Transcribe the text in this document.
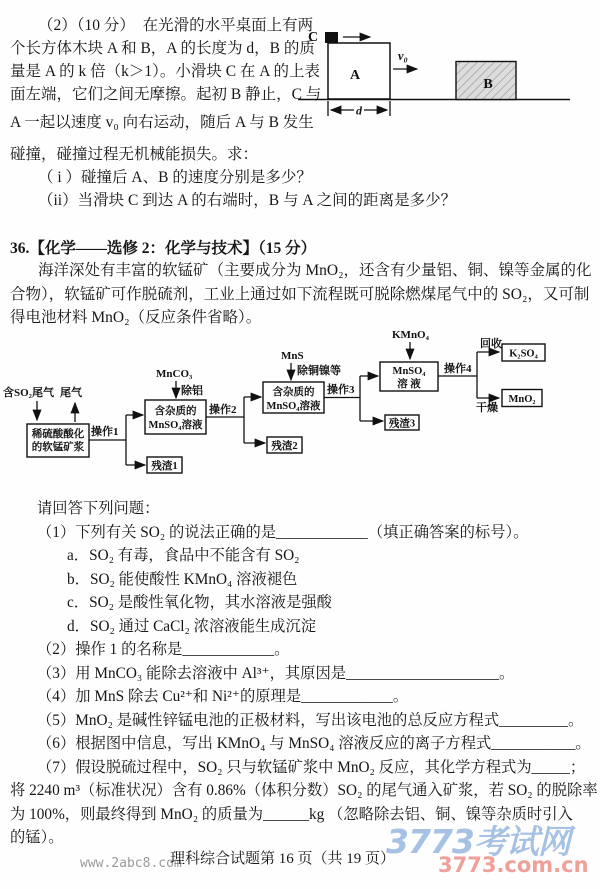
（2）（10 分）　在光滑的水平桌面上有两
个长方体木块 A 和 B，A 的长度为 d，B 的质
量是 A 的 k 倍（k＞1）。小滑块 C 在 A 的上表
面左端，它们之间无摩擦。起初 B 静止，C 与
A 一起以速度 v₀ 向右运动，随后 A 与 B 发生
碰撞，碰撞过程无机械能损失。求：
（ i ）碰撞后 A、B 的速度分别是多少？
（ii）当滑块 C 到达 A 的右端时，B 与 A 之间的距离是多少？
C
A
v₀
B
d
36.【化学——选修 2：化学与技术】（15 分）
海洋深处有丰富的软锰矿（主要成分为 MnO₂，还含有少量铝、铜、镍等金属的化
合物），软锰矿可作脱硫剂，工业上通过如下流程既可脱除燃煤尾气中的 SO₂，又可制
得电池材料 MnO₂（反应条件省略）。
含SO₂尾气 尾气
稀硫酸酸化
的软锰矿浆
操作1
含杂质的
MnSO₄溶液
MnCO₃
除铝
残渣1
操作2
含杂质的
MnSO₄溶液
MnS
除铜镍等
残渣2
操作3
MnSO₄
溶 液
KMnO₄
残渣3
操作4
回收
K₂SO₄
干燥
MnO₂
请回答下列问题：
（1）下列有关 SO₂ 的说法正确的是____________（填正确答案的标号）。
a．SO₂ 有毒，食品中不能含有 SO₂
b．SO₂ 能使酸性 KMnO₄ 溶液褪色
c．SO₂ 是酸性氧化物，其水溶液是强酸
d．SO₂ 通过 CaCl₂ 浓溶液能生成沉淀
（2）操作 1 的名称是____________。
（3）用 MnCO₃ 能除去溶液中 Al³⁺，其原因是____________________。
（4）加 MnS 除去 Cu²⁺和 Ni²⁺的原理是____________。
（5）MnO₂ 是碱性锌锰电池的正极材料，写出该电池的总反应方程式_________。
（6）根据图中信息，写出 KMnO₄ 与 MnSO₄ 溶液反应的离子方程式___________。
（7）假设脱硫过程中，SO₂ 只与软锰矿浆中 MnO₂ 反应，其化学方程式为_____；
将 2240 m³（标准状况）含有 0.86%（体积分数）SO₂ 的尾气通入矿浆，若 SO₂ 的脱除率
为 100%，则最终得到 MnO₂ 的质量为______kg （忽略除去铝、铜、镍等杂质时引入
的锰）。
www.2abc8.com
理科综合试题第 16 页（共 19 页）
3773考试网
3773.com.cn
